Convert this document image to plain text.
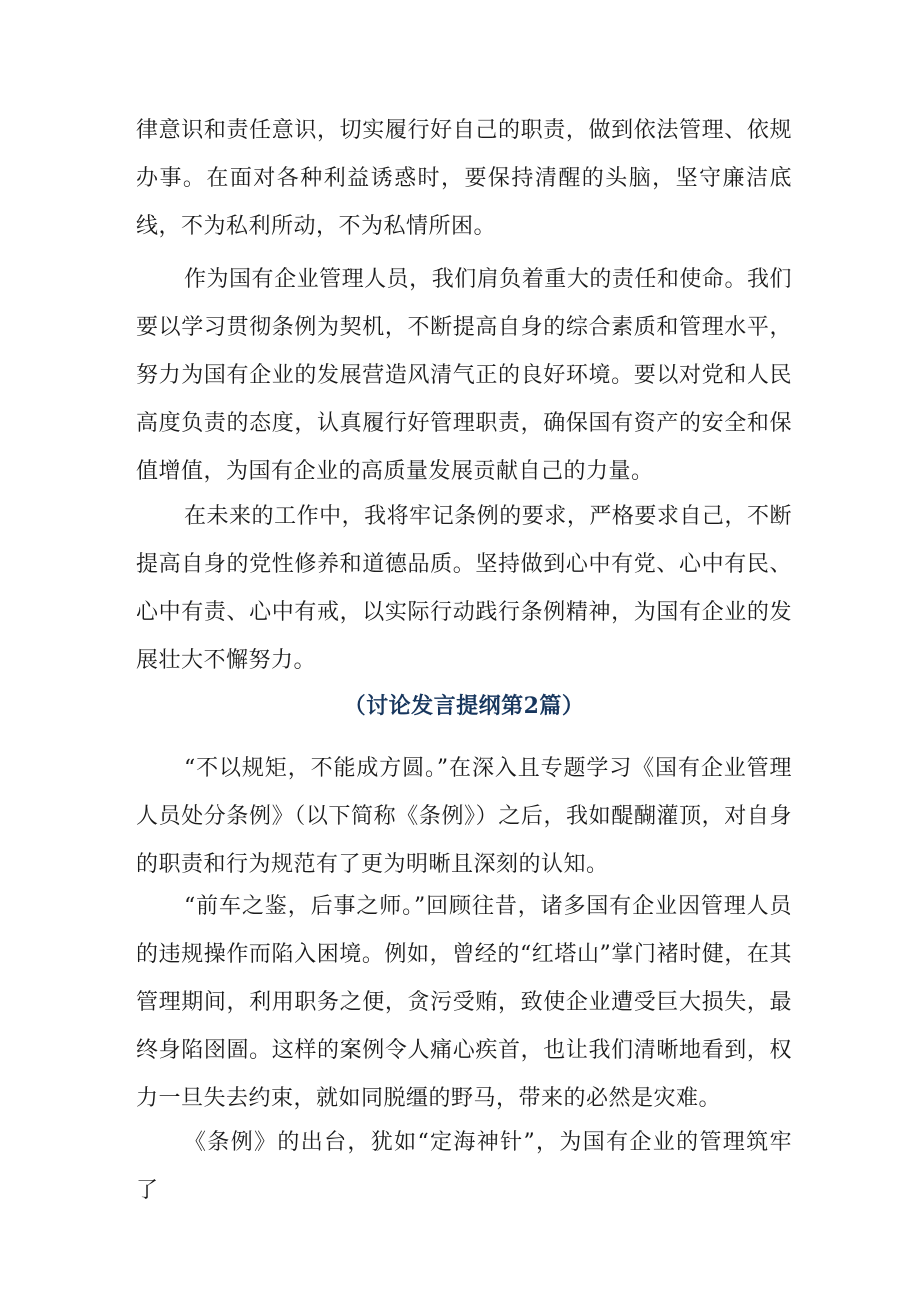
律意识和责任意识，切实履行好自己的职责，做到依法管理、依规办事。在面对各种利益诱惑时，要保持清醒的头脑，坚守廉洁底线，不为私利所动，不为私情所困。

作为国有企业管理人员，我们肩负着重大的责任和使命。我们要以学习贯彻条例为契机，不断提高自身的综合素质和管理水平，努力为国有企业的发展营造风清气正的良好环境。要以对党和人民高度负责的态度，认真履行好管理职责，确保国有资产的安全和保值增值，为国有企业的高质量发展贡献自己的力量。

在未来的工作中，我将牢记条例的要求，严格要求自己，不断提高自身的党性修养和道德品质。坚持做到心中有党、心中有民、心中有责、心中有戒，以实际行动践行条例精神，为国有企业的发展壮大不懈努力。

（讨论发言提纲第2篇）

“不以规矩，不能成方圆。”在深入且专题学习《国有企业管理人员处分条例》（以下简称《条例》）之后，我如醍醐灌顶，对自身的职责和行为规范有了更为明晰且深刻的认知。

“前车之鉴，后事之师。”回顾往昔，诸多国有企业因管理人员的违规操作而陷入困境。例如，曾经的“红塔山”掌门褚时健，在其管理期间，利用职务之便，贪污受贿，致使企业遭受巨大损失，最终身陷囹圄。这样的案例令人痛心疾首，也让我们清晰地看到，权力一旦失去约束，就如同脱缰的野马，带来的必然是灾难。

《条例》的出台，犹如“定海神针”，为国有企业的管理筑牢了
